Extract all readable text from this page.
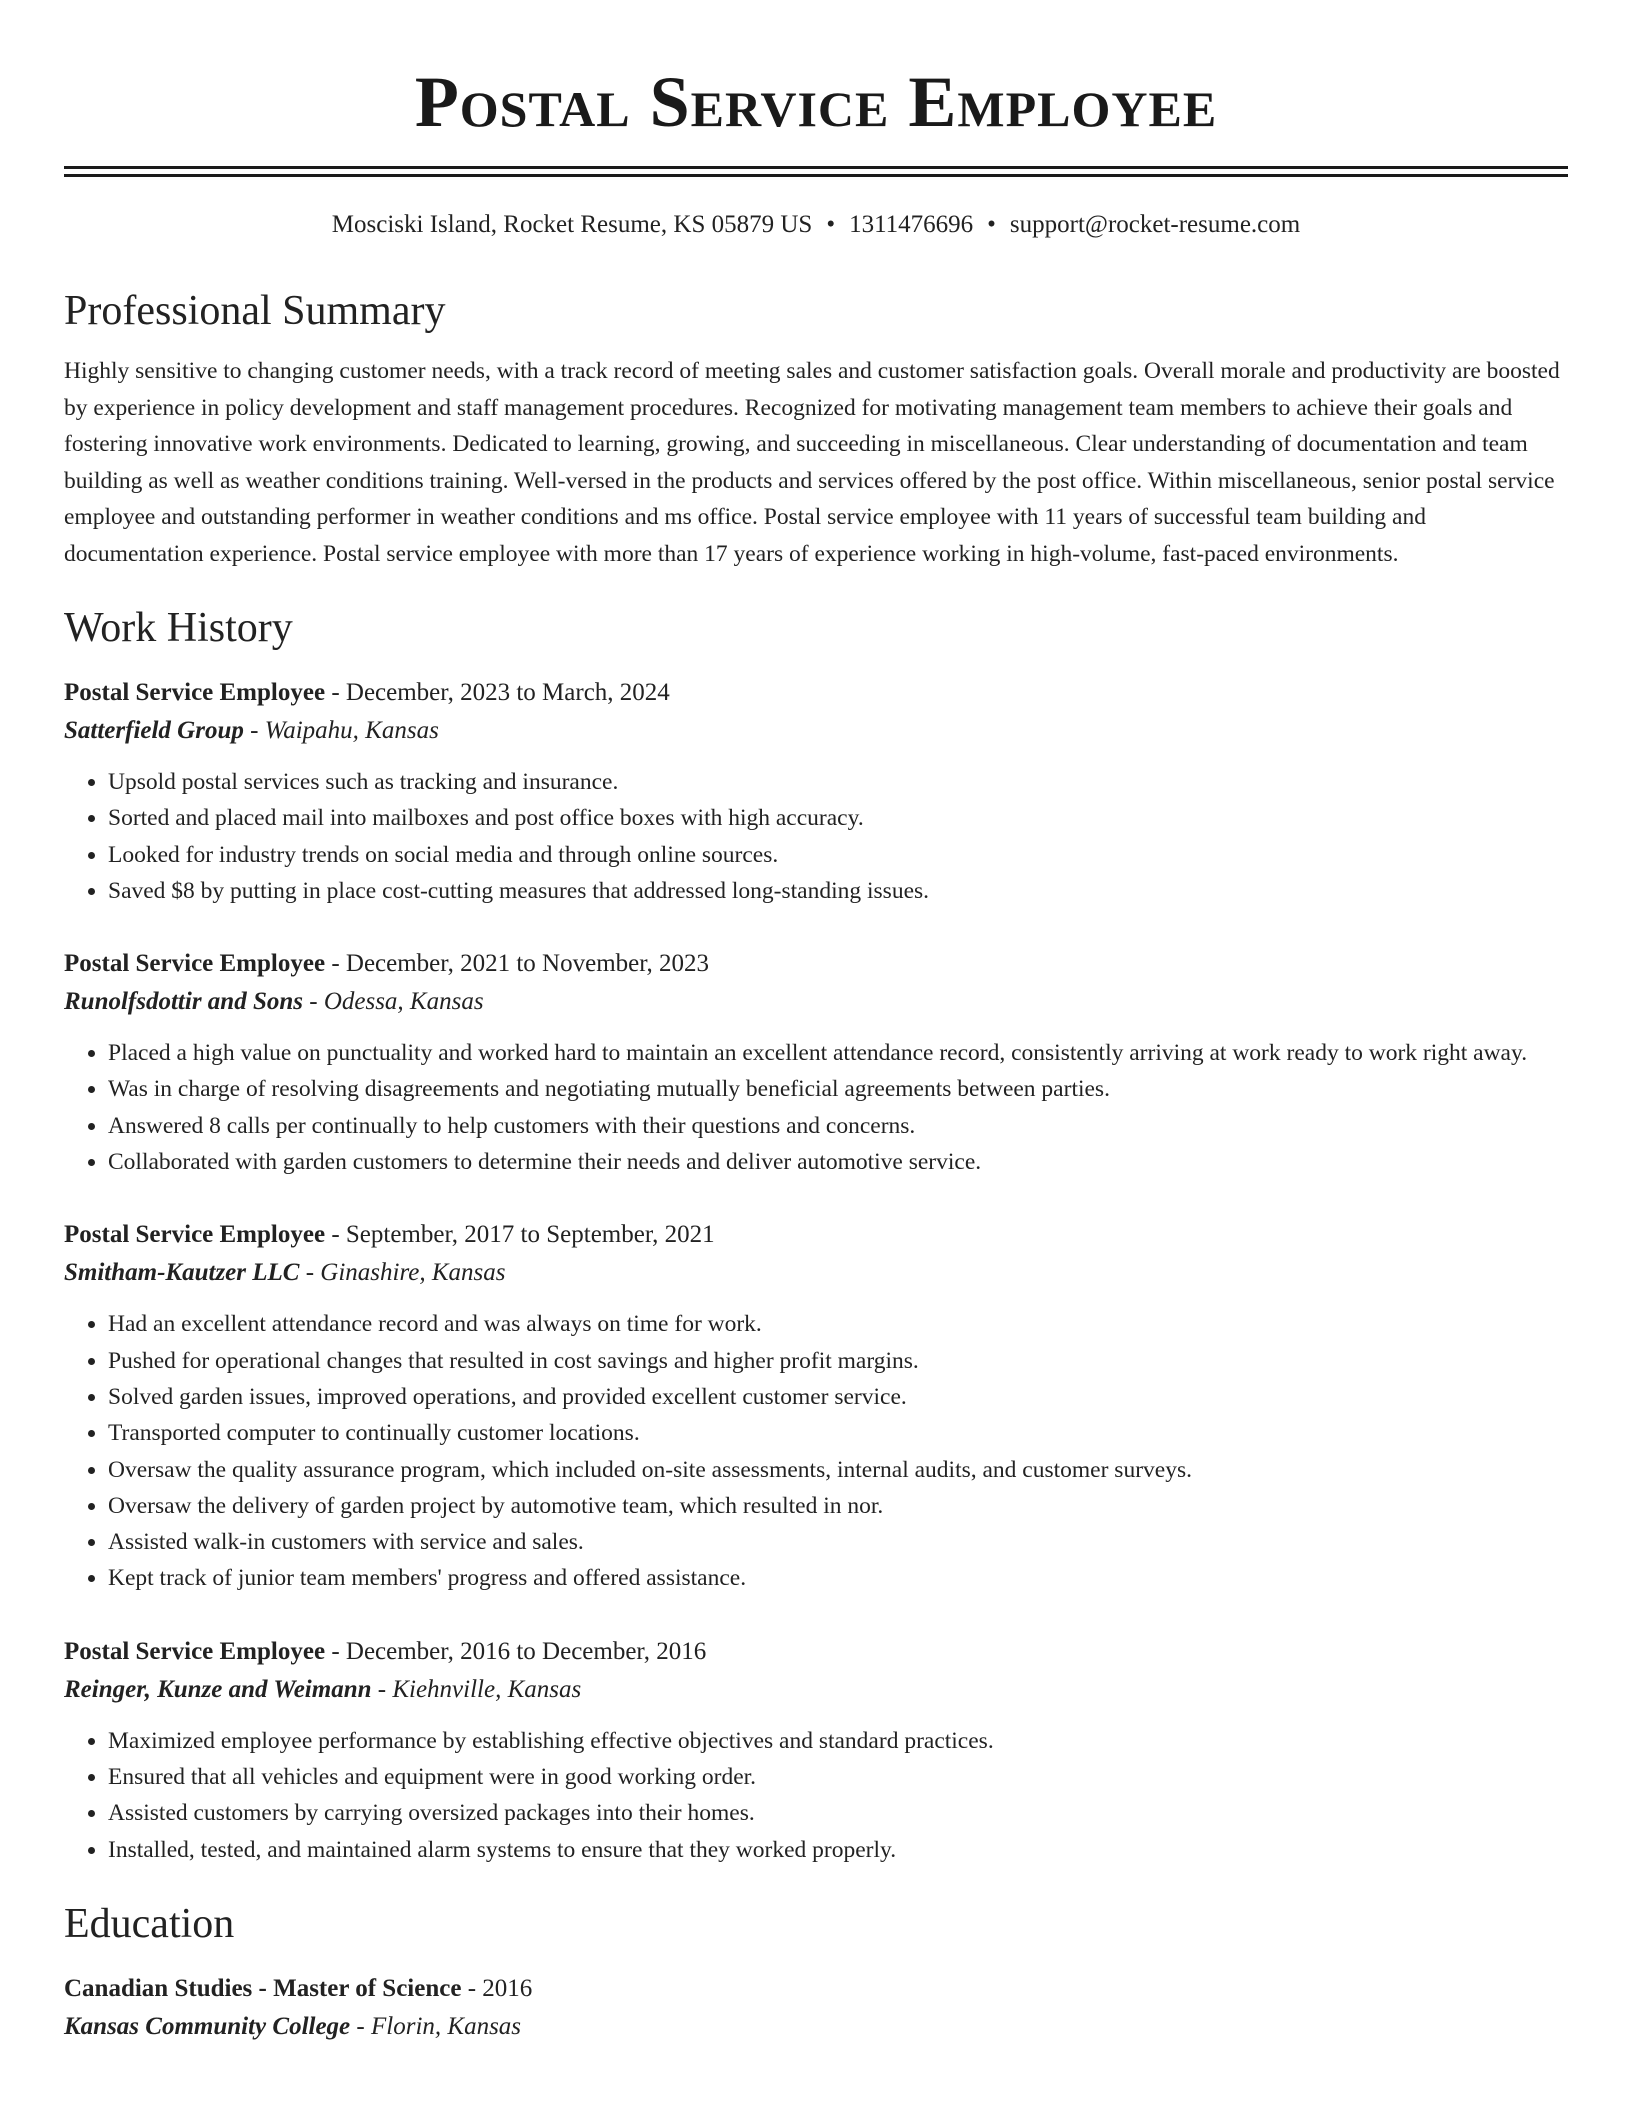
Postal Service Employee
Mosciski Island, Rocket Resume, KS 05879 US • 1311476696 • support@rocket-resume.com
Professional Summary

Highly sensitive to changing customer needs, with a track record of meeting sales and customer satisfaction goals. Overall morale and productivity are boosted by experience in policy development and staff management procedures. Recognized for motivating management team members to achieve their goals and fostering innovative work environments. Dedicated to learning, growing, and succeeding in miscellaneous. Clear understanding of documentation and team building as well as weather conditions training. Well-versed in the products and services offered by the post office. Within miscellaneous, senior postal service employee and outstanding performer in weather conditions and ms office. Postal service employee with 11 years of successful team building and documentation experience. Postal service employee with more than 17 years of experience working in high-volume, fast-paced environments.

Work History
Postal Service Employee - December, 2023 to March, 2024
Satterfield Group - Waipahu, Kansas
• Upsold postal services such as tracking and insurance.
• Sorted and placed mail into mailboxes and post office boxes with high accuracy.
• Looked for industry trends on social media and through online sources.
• Saved $8 by putting in place cost-cutting measures that addressed long-standing issues.
Postal Service Employee - December, 2021 to November, 2023
Runolfsdottir and Sons - Odessa, Kansas
• Placed a high value on punctuality and worked hard to maintain an excellent attendance record, consistently arriving at work ready to work right away.
• Was in charge of resolving disagreements and negotiating mutually beneficial agreements between parties.
• Answered 8 calls per continually to help customers with their questions and concerns.
• Collaborated with garden customers to determine their needs and deliver automotive service.
Postal Service Employee - September, 2017 to September, 2021
Smitham-Kautzer LLC - Ginashire, Kansas
• Had an excellent attendance record and was always on time for work.
• Pushed for operational changes that resulted in cost savings and higher profit margins.
• Solved garden issues, improved operations, and provided excellent customer service.
• Transported computer to continually customer locations.
• Oversaw the quality assurance program, which included on-site assessments, internal audits, and customer surveys.
• Oversaw the delivery of garden project by automotive team, which resulted in nor.
• Assisted walk-in customers with service and sales.
• Kept track of junior team members' progress and offered assistance.
Postal Service Employee - December, 2016 to December, 2016
Reinger, Kunze and Weimann - Kiehnville, Kansas
• Maximized employee performance by establishing effective objectives and standard practices.
• Ensured that all vehicles and equipment were in good working order.
• Assisted customers by carrying oversized packages into their homes.
• Installed, tested, and maintained alarm systems to ensure that they worked properly.
Education
Canadian Studies - Master of Science - 2016
Kansas Community College - Florin, Kansas
